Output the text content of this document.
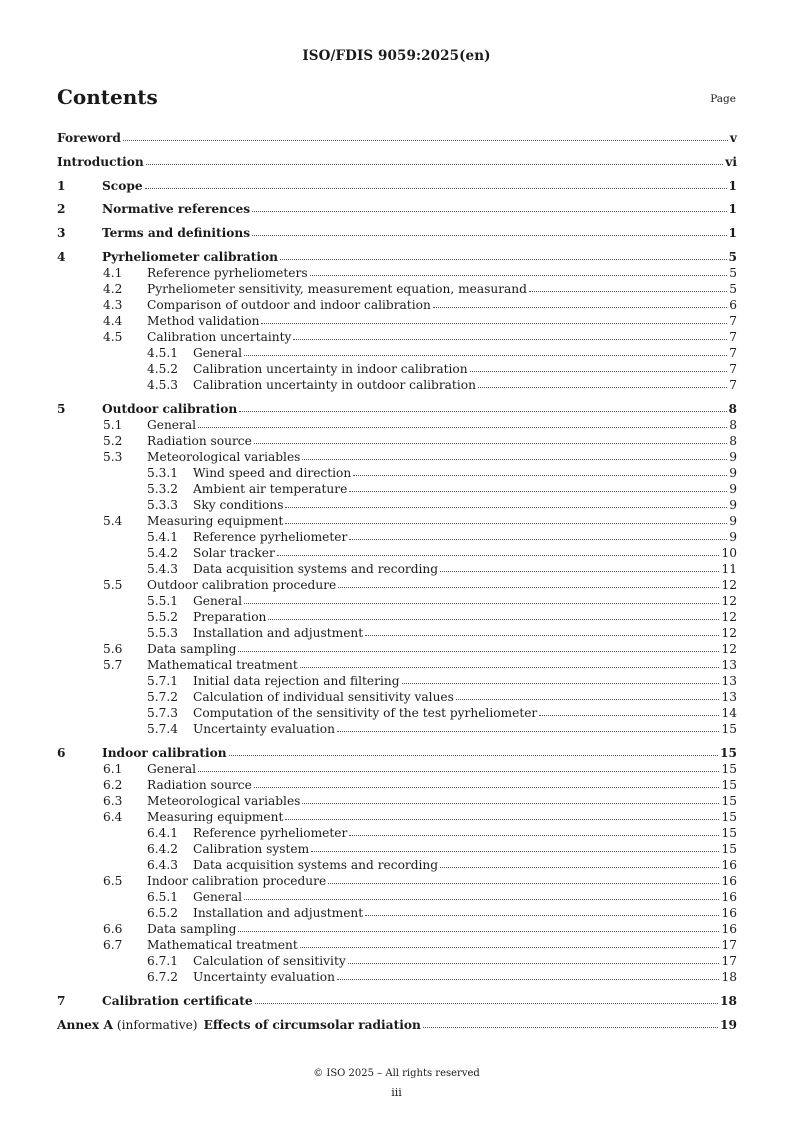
ISO/FDIS 9059:2025(en)
Contents	Page
Foreword	v
Introduction	vi
1	Scope	1
2	Normative references	1
3	Terms and definitions	1
4	Pyrheliometer calibration	5
4.1 Reference pyrheliometers	5
4.2 Pyrheliometer sensitivity, measurement equation, measurand	5
4.3 Comparison of outdoor and indoor calibration	6
4.4 Method validation	7
4.5 Calibration uncertainty	7
4.5.1 General	7
4.5.2 Calibration uncertainty in indoor calibration	7
4.5.3 Calibration uncertainty in outdoor calibration	7
5	Outdoor calibration	8
5.1 General	8
5.2 Radiation source	8
5.3 Meteorological variables	9
5.3.1 Wind speed and direction	9
5.3.2 Ambient air temperature	9
5.3.3 Sky conditions	9
5.4 Measuring equipment	9
5.4.1 Reference pyrheliometer	9
5.4.2 Solar tracker	10
5.4.3 Data acquisition systems and recording	11
5.5 Outdoor calibration procedure	12
5.5.1 General	12
5.5.2 Preparation	12
5.5.3 Installation and adjustment	12
5.6 Data sampling	12
5.7 Mathematical treatment	13
5.7.1 Initial data rejection and filtering	13
5.7.2 Calculation of individual sensitivity values	13
5.7.3 Computation of the sensitivity of the test pyrheliometer	14
5.7.4 Uncertainty evaluation	15
6	Indoor calibration	15
6.1 General	15
6.2 Radiation source	15
6.3 Meteorological variables	15
6.4 Measuring equipment	15
6.4.1 Reference pyrheliometer	15
6.4.2 Calibration system	15
6.4.3 Data acquisition systems and recording	16
6.5 Indoor calibration procedure	16
6.5.1 General	16
6.5.2 Installation and adjustment	16
6.6 Data sampling	16
6.7 Mathematical treatment	17
6.7.1 Calculation of sensitivity	17
6.7.2 Uncertainty evaluation	18
7	Calibration certificate	18
Annex A (informative) Effects of circumsolar radiation	19
© ISO 2025 – All rights reserved
iii
